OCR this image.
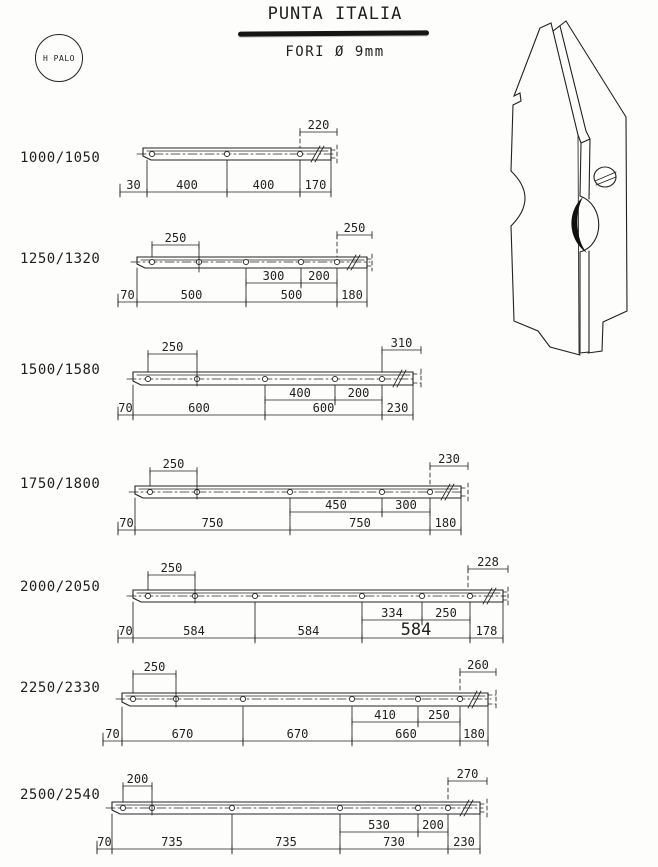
PUNTA ITALIA
FORI Ø 9mm
H PALO
1000/1050
1250/1320
1500/1580
1750/1800
2000/2050
2250/2330
2500/2540
220
30	400	400	170
250
250
300 200
70	500	500	180
250	310
400	200
70	600	600	230
250	230
450	300
70	750	750	180
250	228
334	250
70	584	584	584	178
250	260
410	250
70	670	670	660	180
200	270
530	200
70	735	735	730	230
